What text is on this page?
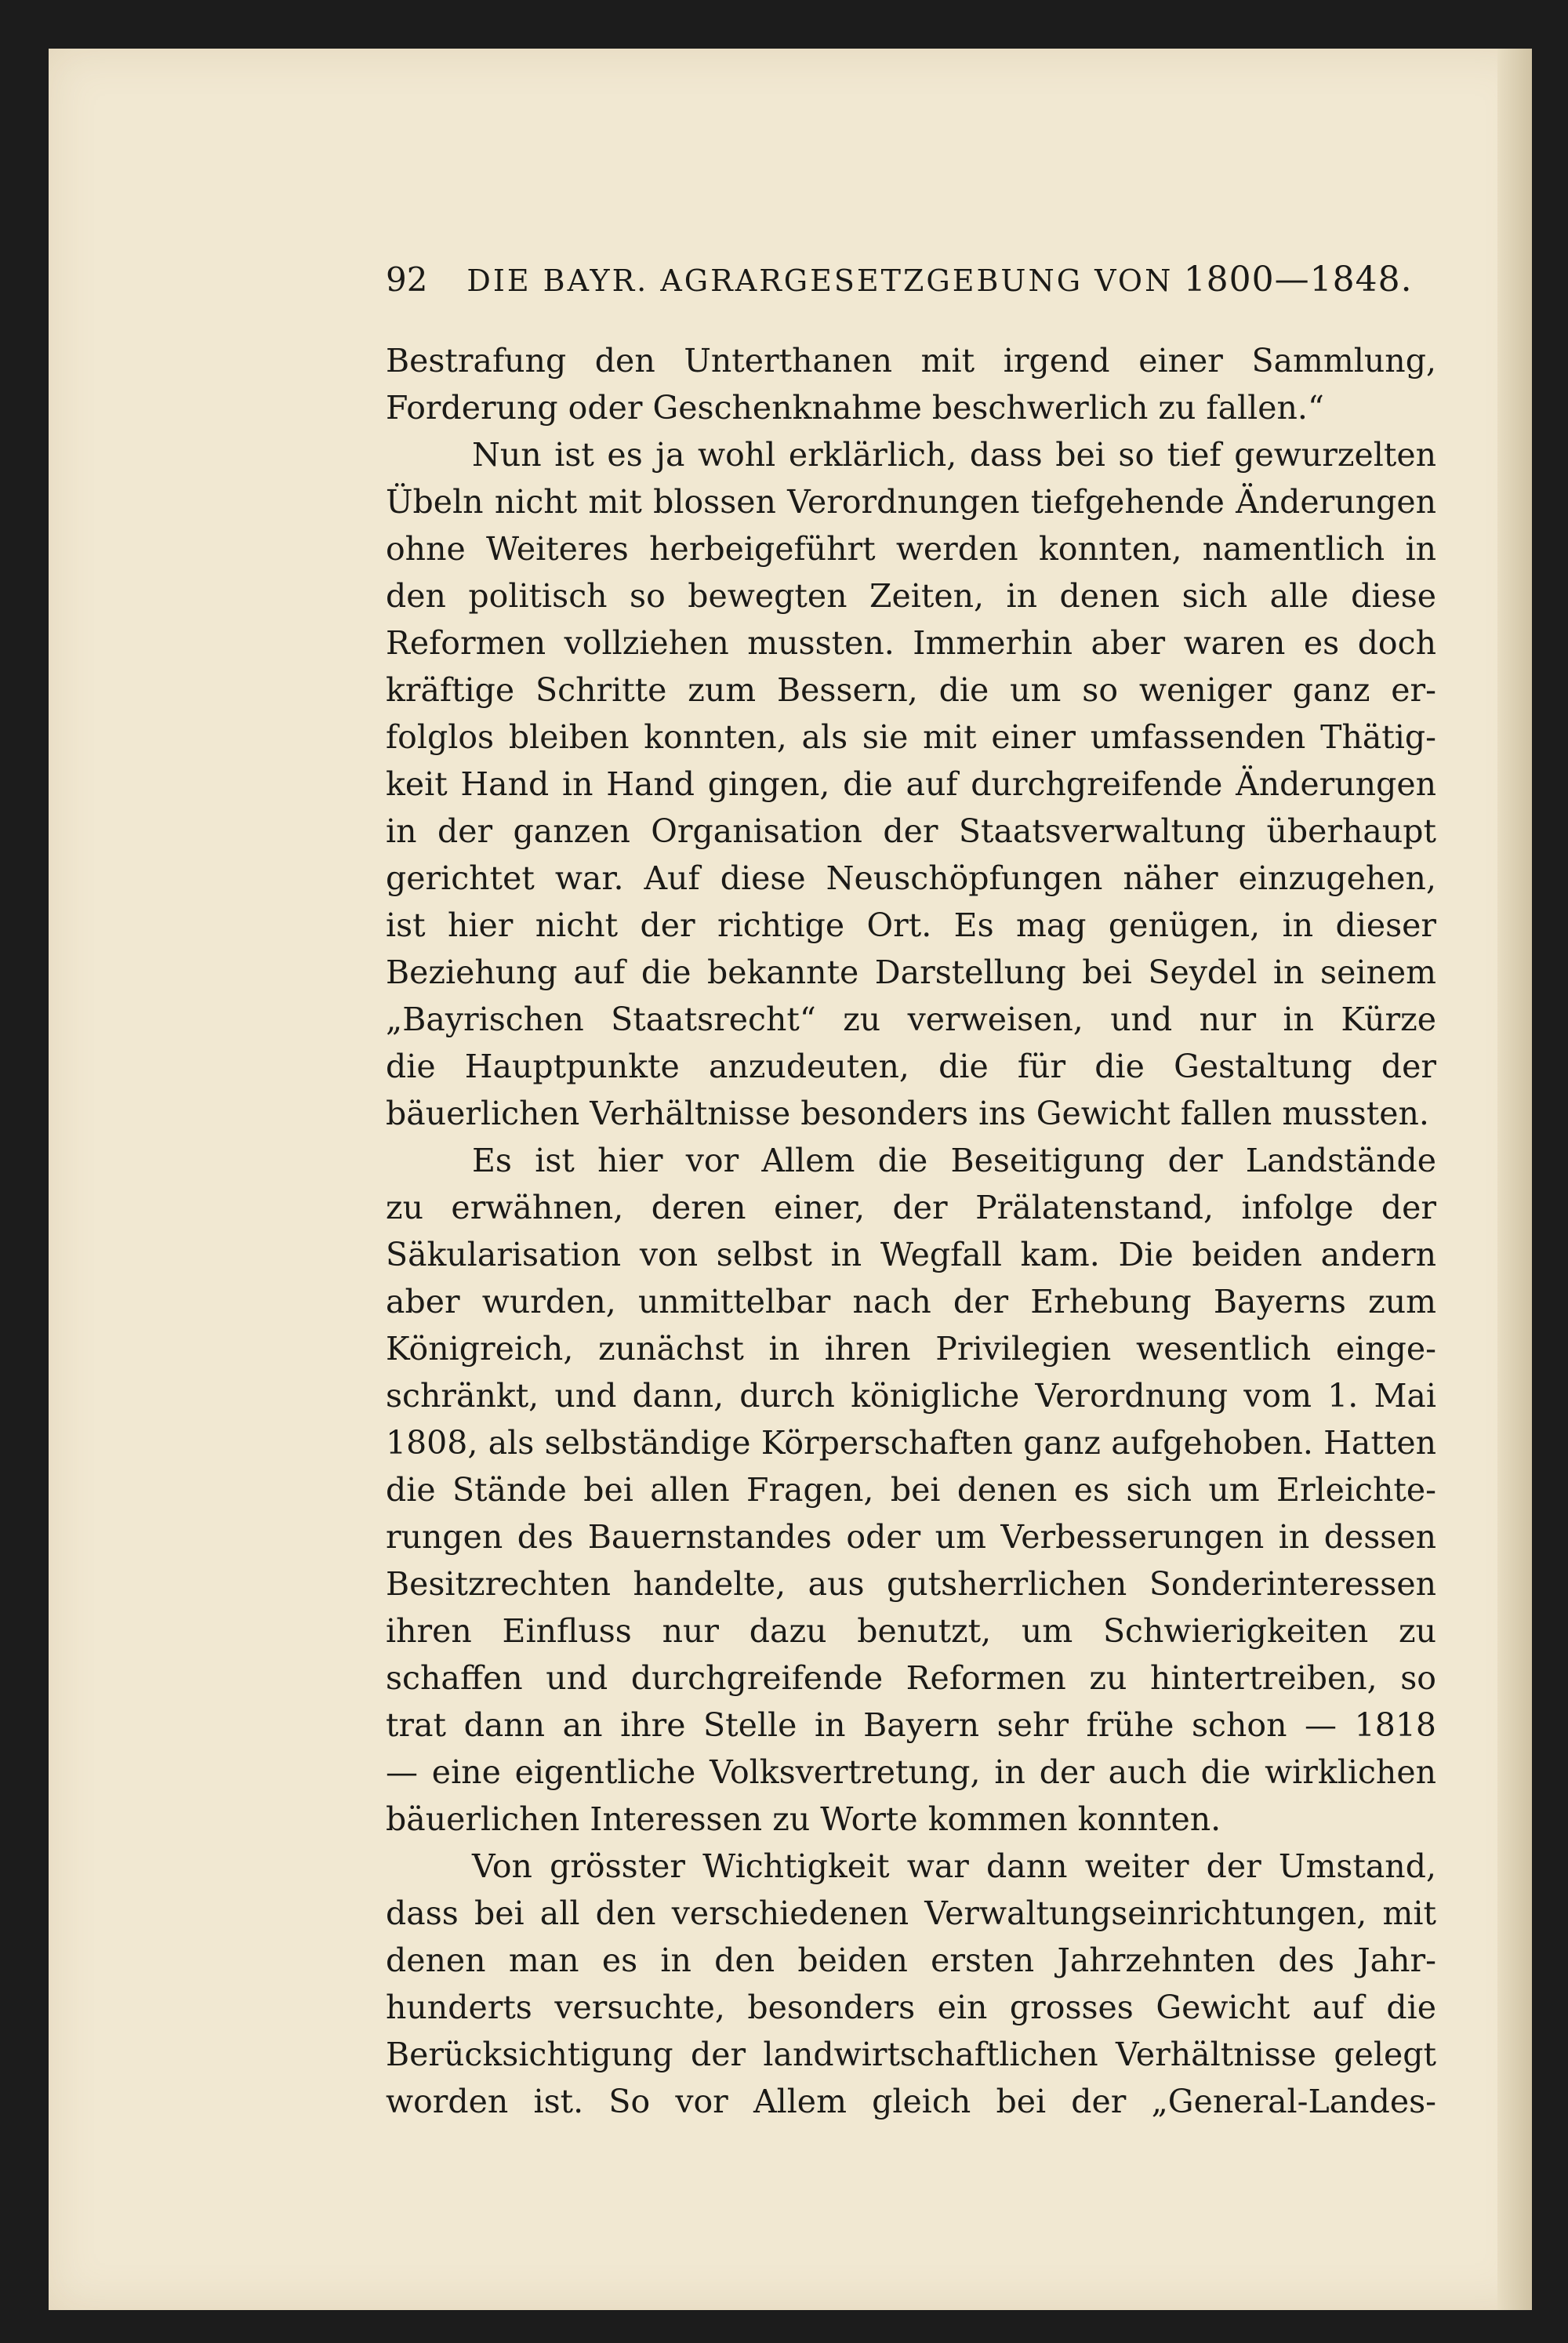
92 DIE BAYR. AGRARGESETZGEBUNG VON 1800—1848.
Bestrafung den Unterthanen mit irgend einer Sammlung,
Forderung oder Geschenknahme beschwerlich zu fallen.“
Nun ist es ja wohl erklärlich, dass bei so tief gewurzelten
Übeln nicht mit blossen Verordnungen tiefgehende Änderungen
ohne Weiteres herbeigeführt werden konnten, namentlich in
den politisch so bewegten Zeiten, in denen sich alle diese
Reformen vollziehen mussten. Immerhin aber waren es doch
kräftige Schritte zum Bessern, die um so weniger ganz er-
folglos bleiben konnten, als sie mit einer umfassenden Thätig-
keit Hand in Hand gingen, die auf durchgreifende Änderungen
in der ganzen Organisation der Staatsverwaltung überhaupt
gerichtet war. Auf diese Neuschöpfungen näher einzugehen,
ist hier nicht der richtige Ort. Es mag genügen, in dieser
Beziehung auf die bekannte Darstellung bei Seydel in seinem
„Bayrischen Staatsrecht“ zu verweisen, und nur in Kürze
die Hauptpunkte anzudeuten, die für die Gestaltung der
bäuerlichen Verhältnisse besonders ins Gewicht fallen mussten.
Es ist hier vor Allem die Beseitigung der Landstände
zu erwähnen, deren einer, der Prälatenstand, infolge der
Säkularisation von selbst in Wegfall kam. Die beiden andern
aber wurden, unmittelbar nach der Erhebung Bayerns zum
Königreich, zunächst in ihren Privilegien wesentlich einge-
schränkt, und dann, durch königliche Verordnung vom 1. Mai
1808, als selbständige Körperschaften ganz aufgehoben. Hatten
die Stände bei allen Fragen, bei denen es sich um Erleichte-
rungen des Bauernstandes oder um Verbesserungen in dessen
Besitzrechten handelte, aus gutsherrlichen Sonderinteressen
ihren Einfluss nur dazu benutzt, um Schwierigkeiten zu
schaffen und durchgreifende Reformen zu hintertreiben, so
trat dann an ihre Stelle in Bayern sehr frühe schon — 1818
— eine eigentliche Volksvertretung, in der auch die wirklichen
bäuerlichen Interessen zu Worte kommen konnten.
Von grösster Wichtigkeit war dann weiter der Umstand,
dass bei all den verschiedenen Verwaltungseinrichtungen, mit
denen man es in den beiden ersten Jahrzehnten des Jahr-
hunderts versuchte, besonders ein grosses Gewicht auf die
Berücksichtigung der landwirtschaftlichen Verhältnisse gelegt
worden ist. So vor Allem gleich bei der „General-Landes-
